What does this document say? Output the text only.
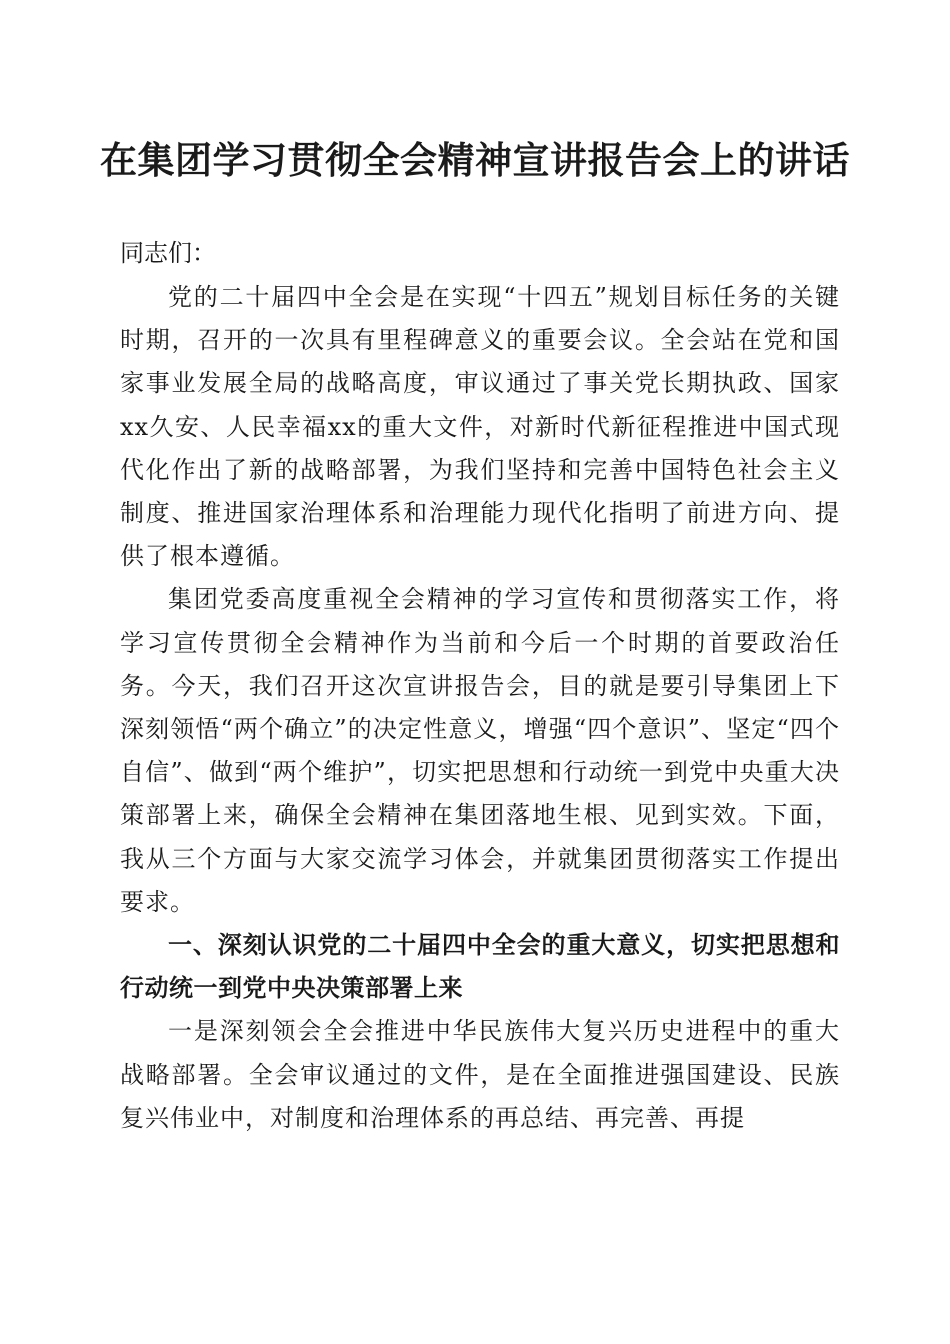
在集团学习贯彻全会精神宣讲报告会上的讲话
同志们：

党的二十届四中全会是在实现“十四五”规划目标任务的关键时期，召开的一次具有里程碑意义的重要会议。全会站在党和国家事业发展全局的战略高度，审议通过了事关党长期执政、国家xx久安、人民幸福xx的重大文件，对新时代新征程推进中国式现代化作出了新的战略部署，为我们坚持和完善中国特色社会主义制度、推进国家治理体系和治理能力现代化指明了前进方向、提供了根本遵循。

集团党委高度重视全会精神的学习宣传和贯彻落实工作，将学习宣传贯彻全会精神作为当前和今后一个时期的首要政治任务。今天，我们召开这次宣讲报告会，目的就是要引导集团上下深刻领悟“两个确立”的决定性意义，增强“四个意识”、坚定“四个自信”、做到“两个维护”，切实把思想和行动统一到党中央重大决策部署上来，确保全会精神在集团落地生根、见到实效。下面，我从三个方面与大家交流学习体会，并就集团贯彻落实工作提出要求。

一、深刻认识党的二十届四中全会的重大意义，切实把思想和行动统一到党中央决策部署上来

一是深刻领会全会推进中华民族伟大复兴历史进程中的重大战略部署。全会审议通过的文件，是在全面推进强国建设、民族复兴伟业中，对制度和治理体系的再总结、再完善、再提
